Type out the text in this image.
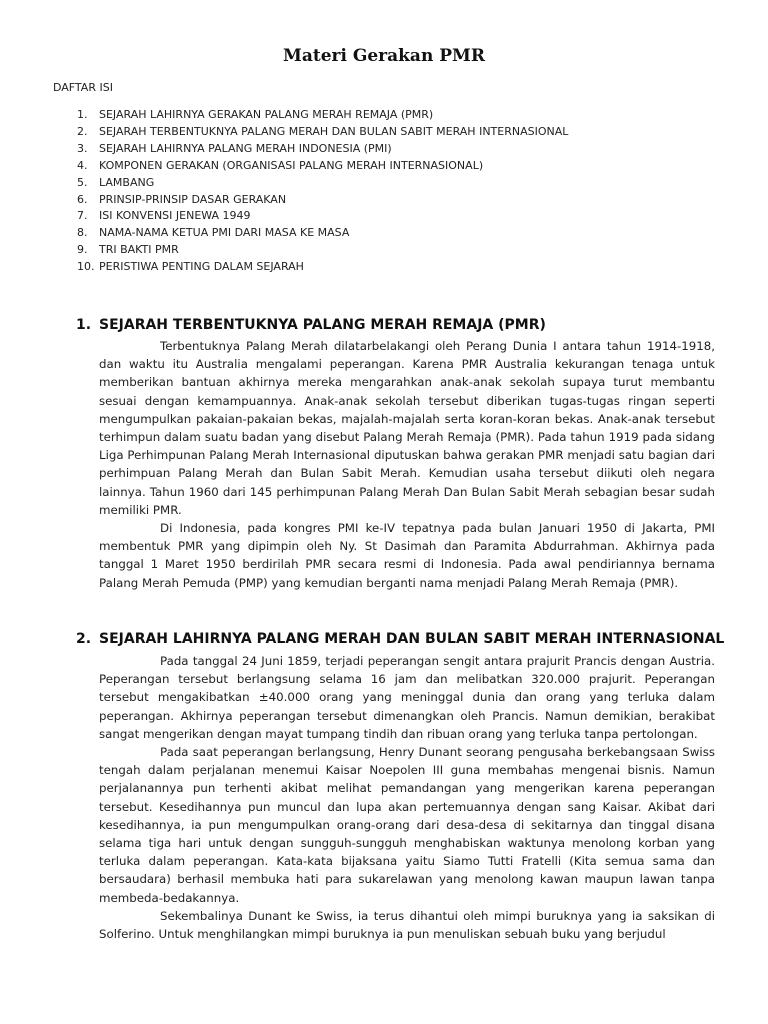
Materi Gerakan PMR
DAFTAR ISI
1.	SEJARAH LAHIRNYA GERAKAN PALANG MERAH REMAJA (PMR)
2.	SEJARAH TERBENTUKNYA PALANG MERAH DAN BULAN SABIT MERAH INTERNASIONAL
3.	SEJARAH LAHIRNYA PALANG MERAH INDONESIA (PMI)
4.	KOMPONEN GERAKAN (ORGANISASI PALANG MERAH INTERNASIONAL)
5.	LAMBANG
6.	PRINSIP-PRINSIP DASAR GERAKAN
7.	ISI KONVENSI JENEWA 1949
8.	NAMA-NAMA KETUA PMI DARI MASA KE MASA
9.	TRI BAKTI PMR
10. PERISTIWA PENTING DALAM SEJARAH
1. SEJARAH TERBENTUKNYA PALANG MERAH REMAJA (PMR)

Terbentuknya Palang Merah dilatarbelakangi oleh Perang Dunia I antara tahun 1914-1918, dan waktu itu Australia mengalami peperangan. Karena PMR Australia kekurangan tenaga untuk memberikan bantuan akhirnya mereka mengarahkan anak-anak sekolah supaya turut membantu sesuai dengan kemampuannya. Anak-anak sekolah tersebut diberikan tugas-tugas ringan seperti mengumpulkan pakaian-pakaian bekas, majalah-majalah serta koran-koran bekas. Anak-anak tersebut terhimpun dalam suatu badan yang disebut Palang Merah Remaja (PMR). Pada tahun 1919 pada sidang Liga Perhimpunan Palang Merah Internasional diputuskan bahwa gerakan PMR menjadi satu bagian dari perhimpuan Palang Merah dan Bulan Sabit Merah. Kemudian usaha tersebut diikuti oleh negara lainnya. Tahun 1960 dari 145 perhimpunan Palang Merah Dan Bulan Sabit Merah sebagian besar sudah memiliki PMR.

Di Indonesia, pada kongres PMI ke-IV tepatnya pada bulan Januari 1950 di Jakarta, PMI membentuk PMR yang dipimpin oleh Ny. St Dasimah dan Paramita Abdurrahman. Akhirnya pada tanggal 1 Maret 1950 berdirilah PMR secara resmi di Indonesia. Pada awal pendiriannya bernama Palang Merah Pemuda (PMP) yang kemudian berganti nama menjadi Palang Merah Remaja (PMR).

2. SEJARAH LAHIRNYA PALANG MERAH DAN BULAN SABIT MERAH INTERNASIONAL

Pada tanggal 24 Juni 1859, terjadi peperangan sengit antara prajurit Prancis dengan Austria. Peperangan tersebut berlangsung selama 16 jam dan melibatkan 320.000 prajurit. Peperangan tersebut mengakibatkan ±40.000 orang yang meninggal dunia dan orang yang terluka dalam peperangan. Akhirnya peperangan tersebut dimenangkan oleh Prancis. Namun demikian, berakibat sangat mengerikan dengan mayat tumpang tindih dan ribuan orang yang terluka tanpa pertolongan.

Pada saat peperangan berlangsung, Henry Dunant seorang pengusaha berkebangsaan Swiss tengah dalam perjalanan menemui Kaisar Noepolen III guna membahas mengenai bisnis. Namun perjalanannya pun terhenti akibat melihat pemandangan yang mengerikan karena peperangan tersebut. Kesedihannya pun muncul dan lupa akan pertemuannya dengan sang Kaisar. Akibat dari kesedihannya, ia pun mengumpulkan orang-orang dari desa-desa di sekitarnya dan tinggal disana selama tiga hari untuk dengan sungguh-sungguh menghabiskan waktunya menolong korban yang terluka dalam peperangan. Kata-kata bijaksana yaitu Siamo Tutti Fratelli (Kita semua sama dan bersaudara) berhasil membuka hati para sukarelawan yang menolong kawan maupun lawan tanpa membeda-bedakannya.

Sekembalinya Dunant ke Swiss, ia terus dihantui oleh mimpi buruknya yang ia saksikan di Solferino. Untuk menghilangkan mimpi buruknya ia pun menuliskan sebuah buku yang berjudul
